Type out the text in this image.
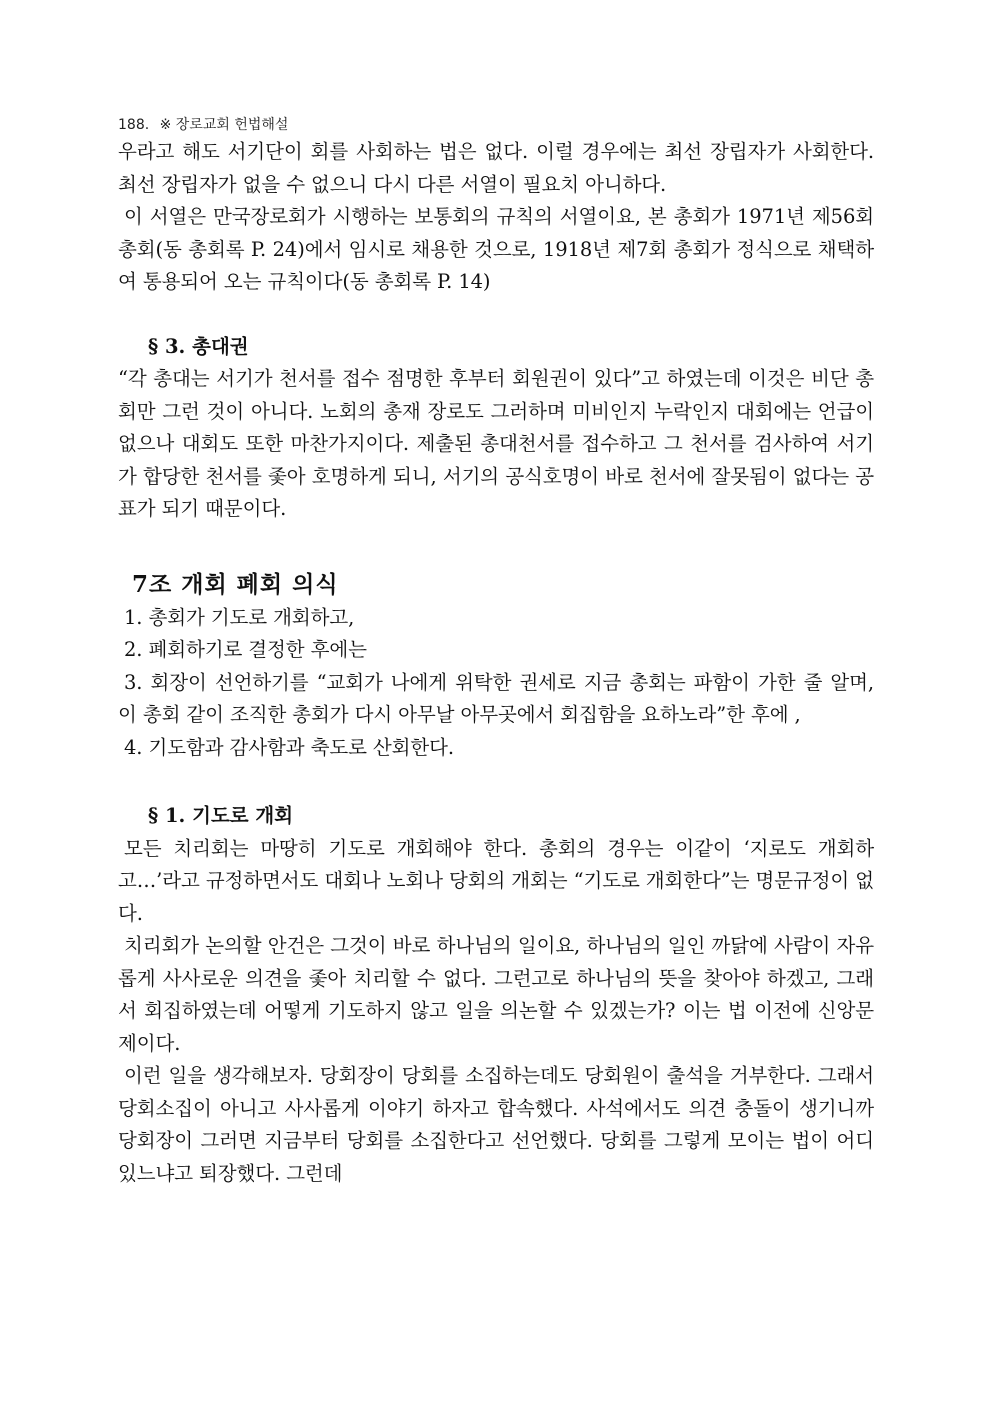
188. ※ 장로교회 헌법해설

우라고 해도 서기단이 회를 사회하는 법은 없다. 이럴 경우에는 최선 장립자가 사회한다. 최선 장립자가 없을 수 없으니 다시 다른 서열이 필요치 아니하다.

이 서열은 만국장로회가 시행하는 보통회의 규칙의 서열이요, 본 총회가 1971년 제56회 총회(동 총회록 P. 24)에서 임시로 채용한 것으로, 1918년 제7회 총회가 정식으로 채택하여 통용되어 오는 규칙이다(동 총회록 P. 14)

§ 3. 총대권

“각 총대는 서기가 천서를 접수 점명한 후부터 회원권이 있다”고 하였는데 이것은 비단 총회만 그런 것이 아니다. 노회의 총재 장로도 그러하며 미비인지 누락인지 대회에는 언급이 없으나 대회도 또한 마찬가지이다. 제출된 총대천서를 접수하고 그 천서를 검사하여 서기가 합당한 천서를 좇아 호명하게 되니, 서기의 공식호명이 바로 천서에 잘못됨이 없다는 공표가 되기 때문이다.

7조 개회 폐회 의식

1. 총회가 기도로 개회하고,

2. 폐회하기로 결정한 후에는

3. 회장이 선언하기를 “교회가 나에게 위탁한 권세로 지금 총회는 파함이 가한 줄 알며, 이 총회 같이 조직한 총회가 다시 아무날 아무곳에서 회집함을 요하노라”한 후에 ,

4. 기도함과 감사함과 축도로 산회한다.

§ 1. 기도로 개회

모든 치리회는 마땅히 기도로 개회해야 한다. 총회의 경우는 이같이 ‘지로도 개회하고…’라고 규정하면서도 대회나 노회나 당회의 개회는 “기도로 개회한다”는 명문규정이 없다.

치리회가 논의할 안건은 그것이 바로 하나님의 일이요, 하나님의 일인 까닭에 사람이 자유롭게 사사로운 의견을 좇아 치리할 수 없다. 그런고로 하나님의 뜻을 찾아야 하겠고, 그래서 회집하였는데 어떻게 기도하지 않고 일을 의논할 수 있겠는가? 이는 법 이전에 신앙문제이다.

이런 일을 생각해보자. 당회장이 당회를 소집하는데도 당회원이 출석을 거부한다. 그래서 당회소집이 아니고 사사롭게 이야기 하자고 합속했다. 사석에서도 의견 충돌이 생기니까 당회장이 그러면 지금부터 당회를 소집한다고 선언했다. 당회를 그렇게 모이는 법이 어디있느냐고 퇴장했다. 그런데
